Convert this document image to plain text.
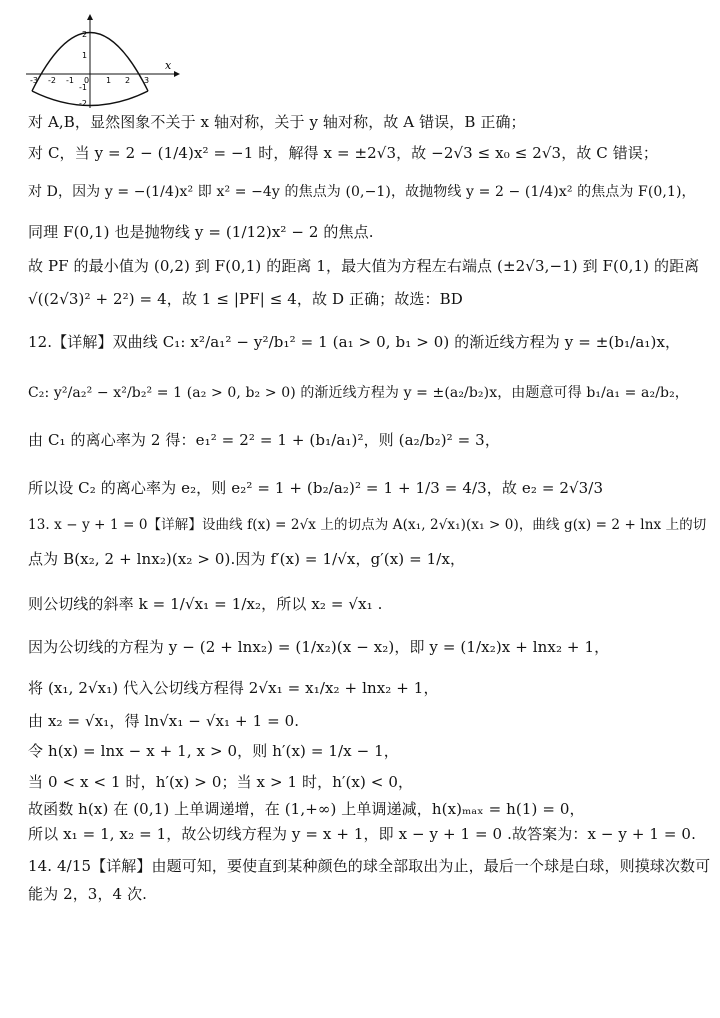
x
2
1
-1
-2
-3 -2 -1 0 1 2 3
对 A,B，显然图象不关于 x 轴对称，关于 y 轴对称，故 A 错误，B 正确；
对 C，当 y = 2 − (1/4)x² = −1 时，解得 x = ±2√3，故 −2√3 ≤ x₀ ≤ 2√3，故 C 错误；
对 D，因为 y = −(1/4)x² 即 x² = −4y 的焦点为 (0,−1)，故抛物线 y = 2 − (1/4)x² 的焦点为 F(0,1)，
同理 F(0,1) 也是抛物线 y = (1/12)x² − 2 的焦点.
故 PF 的最小值为 (0,2) 到 F(0,1) 的距离 1，最大值为方程左右端点 (±2√3,−1) 到 F(0,1) 的距离
√((2√3)² + 2²) = 4，故 1 ≤ |PF| ≤ 4，故 D 正确；故选：BD
12.【详解】双曲线 C₁: x²/a₁² − y²/b₁² = 1 (a₁ > 0, b₁ > 0) 的渐近线方程为 y = ±(b₁/a₁)x，
C₂: y²/a₂² − x²/b₂² = 1 (a₂ > 0, b₂ > 0) 的渐近线方程为 y = ±(a₂/b₂)x，由题意可得 b₁/a₁ = a₂/b₂，
由 C₁ 的离心率为 2 得：e₁² = 2² = 1 + (b₁/a₁)²，则 (a₂/b₂)² = 3，
所以设 C₂ 的离心率为 e₂，则 e₂² = 1 + (b₂/a₂)² = 1 + 1/3 = 4/3，故 e₂ = 2√3/3
13. x − y + 1 = 0【详解】设曲线 f(x) = 2√x 上的切点为 A(x₁, 2√x₁)(x₁ > 0)，曲线 g(x) = 2 + lnx 上的切
点为 B(x₂, 2 + lnx₂)(x₂ > 0).因为 f′(x) = 1/√x，g′(x) = 1/x，
则公切线的斜率 k = 1/√x₁ = 1/x₂，所以 x₂ = √x₁ .
因为公切线的方程为 y − (2 + lnx₂) = (1/x₂)(x − x₂)，即 y = (1/x₂)x + lnx₂ + 1，
将 (x₁, 2√x₁) 代入公切线方程得 2√x₁ = x₁/x₂ + lnx₂ + 1，
由 x₂ = √x₁，得 ln√x₁ − √x₁ + 1 = 0.
令 h(x) = lnx − x + 1, x > 0，则 h′(x) = 1/x − 1，
当 0 < x < 1 时，h′(x) > 0；当 x > 1 时，h′(x) < 0，
故函数 h(x) 在 (0,1) 上单调递增，在 (1,+∞) 上单调递减，h(x)ₘₐₓ = h(1) = 0，
所以 x₁ = 1, x₂ = 1，故公切线方程为 y = x + 1，即 x − y + 1 = 0 .故答案为：x − y + 1 = 0.
14. 4/15【详解】由题可知，要使直到某种颜色的球全部取出为止，最后一个球是白球，则摸球次数可
能为 2，3，4 次.
